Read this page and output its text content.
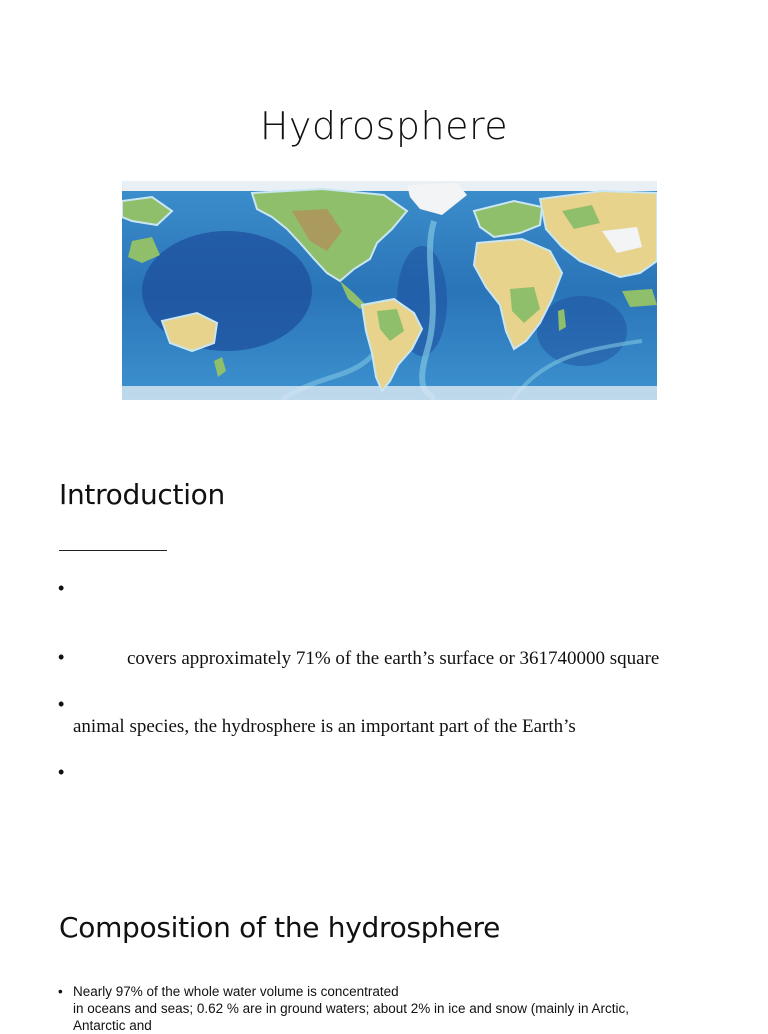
Hydrosphere
Introduction
•
•
•
•
covers approximately 71% of the earth’s surface or 361740000 square
animal species, the hydrosphere is an important part of the Earth’s
Composition of the hydrosphere
• Nearly 97% of the whole water volume is concentrated
in oceans and seas; 0.62 % are in ground waters; about 2% in ice and snow (mainly in Arctic,
Antarctic and
